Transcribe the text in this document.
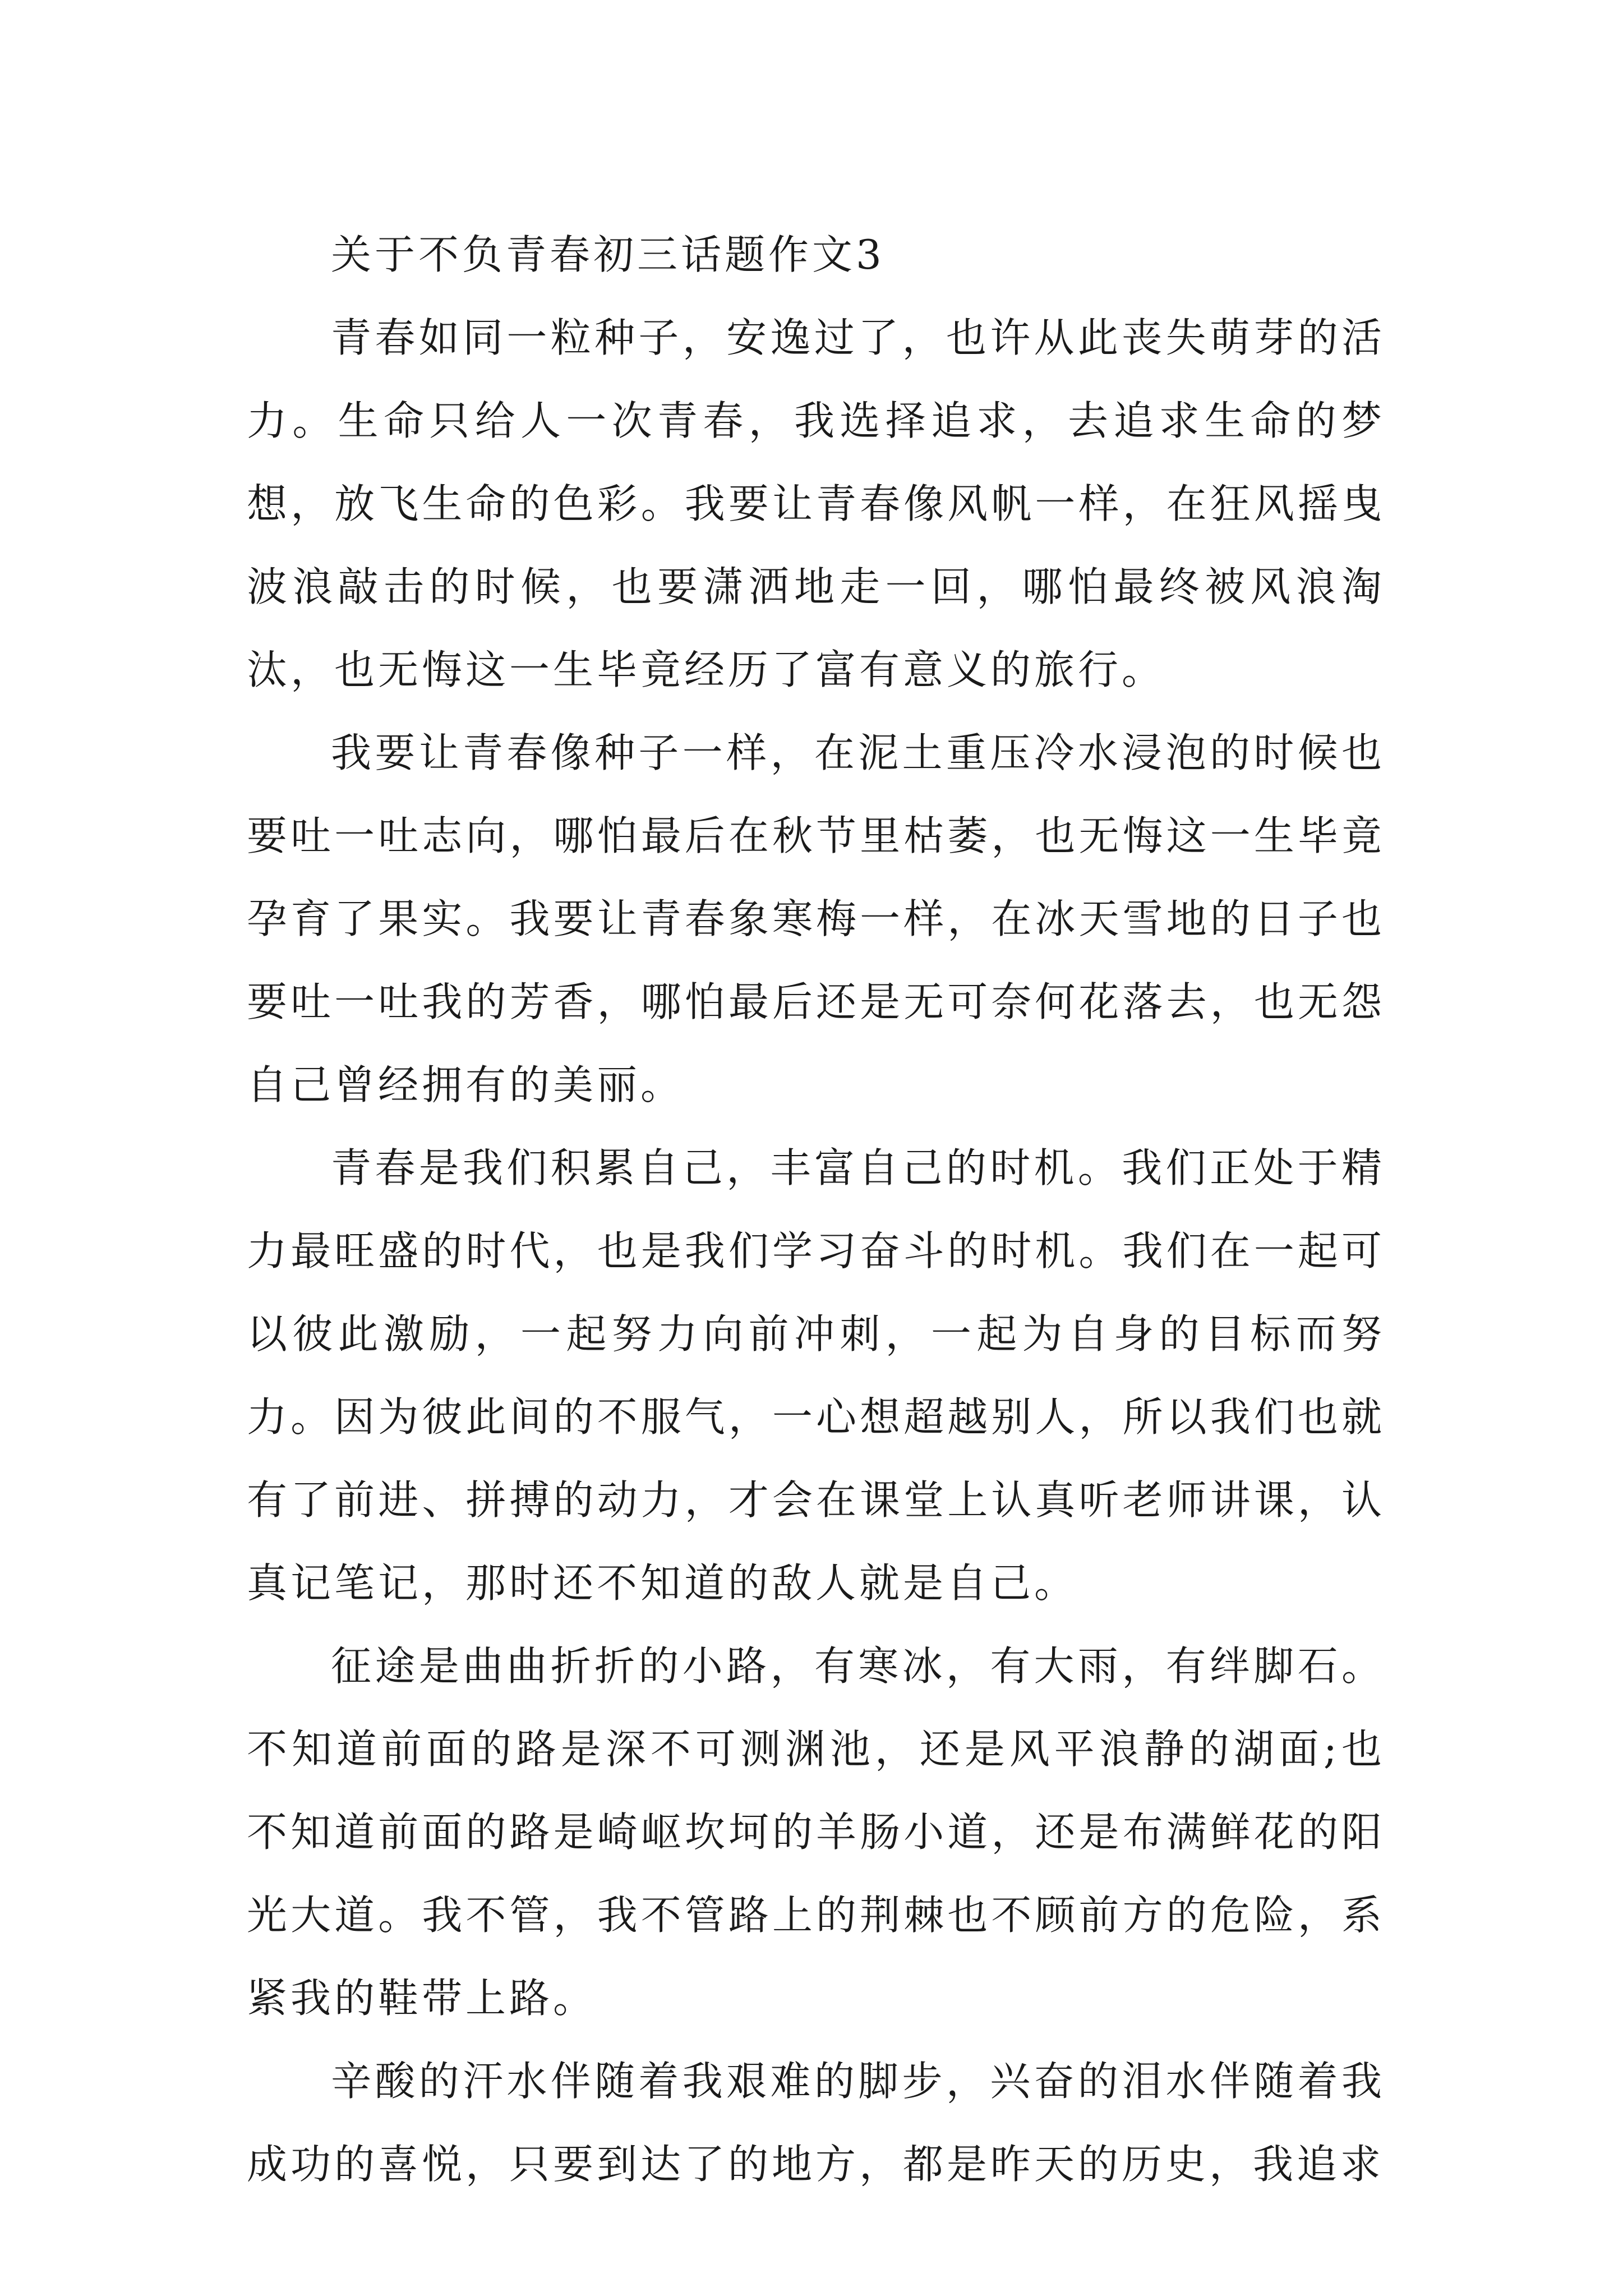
关于不负青春初三话题作文3

青春如同一粒种子，安逸过了，也许从此丧失萌芽的活力。生命只给人一次青春，我选择追求，去追求生命的梦想，放飞生命的色彩。我要让青春像风帆一样，在狂风摇曳波浪敲击的时候，也要潇洒地走一回，哪怕最终被风浪淘汰，也无悔这一生毕竟经历了富有意义的旅行。

我要让青春像种子一样，在泥土重压冷水浸泡的时候也要吐一吐志向，哪怕最后在秋节里枯萎，也无悔这一生毕竟孕育了果实。我要让青春象寒梅一样，在冰天雪地的日子也要吐一吐我的芳香，哪怕最后还是无可奈何花落去，也无怨自己曾经拥有的美丽。

青春是我们积累自己，丰富自己的时机。我们正处于精力最旺盛的时代，也是我们学习奋斗的时机。我们在一起可以彼此激励，一起努力向前冲刺，一起为自身的目标而努力。因为彼此间的不服气，一心想超越别人，所以我们也就有了前进、拼搏的动力，才会在课堂上认真听老师讲课，认真记笔记，那时还不知道的敌人就是自己。

征途是曲曲折折的小路，有寒冰，有大雨，有绊脚石。不知道前面的路是深不可测渊池，还是风平浪静的湖面;也不知道前面的路是崎岖坎坷的羊肠小道，还是布满鲜花的阳光大道。我不管，我不管路上的荆棘也不顾前方的危险，系紧我的鞋带上路。

辛酸的汗水伴随着我艰难的脚步，兴奋的泪水伴随着我成功的喜悦，只要到达了的地方，都是昨天的历史，我追求
